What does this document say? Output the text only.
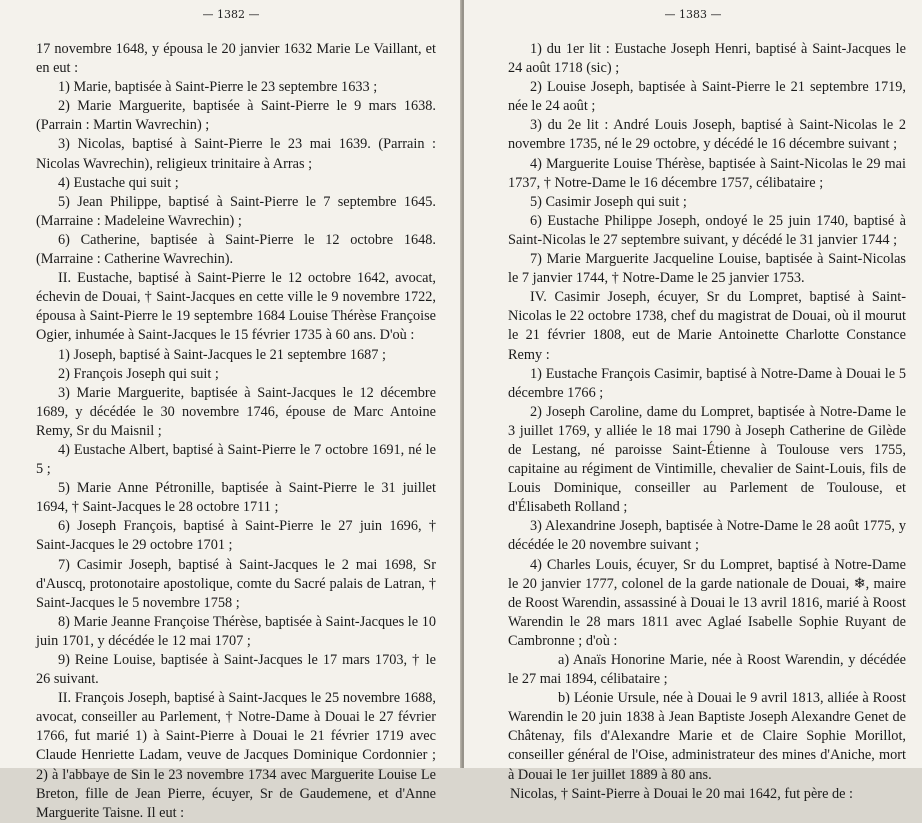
— 1382 —

17 novembre 1648, y épousa le 20 janvier 1632 Marie Le Vaillant, et en eut :

1) Marie, baptisée à Saint-Pierre le 23 septembre 1633 ;

2) Marie Marguerite, baptisée à Saint-Pierre le 9 mars 1638. (Parrain : Martin Wavrechin) ;

3) Nicolas, baptisé à Saint-Pierre le 23 mai 1639. (Parrain : Nicolas Wavrechin), religieux trinitaire à Arras ;

4) Eustache qui suit ;

5) Jean Philippe, baptisé à Saint-Pierre le 7 septembre 1645. (Marraine : Madeleine Wavrechin) ;

6) Catherine, baptisée à Saint-Pierre le 12 octobre 1648. (Marraine : Catherine Wavrechin).

II. Eustache, baptisé à Saint-Pierre le 12 octobre 1642, avocat, échevin de Douai, † Saint-Jacques en cette ville le 9 novembre 1722, épousa à Saint-Pierre le 19 septembre 1684 Louise Thérèse Françoise Ogier, inhumée à Saint-Jacques le 15 février 1735 à 60 ans. D'où :

1) Joseph, baptisé à Saint-Jacques le 21 septembre 1687 ;

2) François Joseph qui suit ;

3) Marie Marguerite, baptisée à Saint-Jacques le 12 décembre 1689, y décédée le 30 novembre 1746, épouse de Marc Antoine Remy, Sr du Maisnil ;

4) Eustache Albert, baptisé à Saint-Pierre le 7 octobre 1691, né le 5 ;

5) Marie Anne Pétronille, baptisée à Saint-Pierre le 31 juillet 1694, † Saint-Jacques le 28 octobre 1711 ;

6) Joseph François, baptisé à Saint-Pierre le 27 juin 1696, † Saint-Jacques le 29 octobre 1701 ;

7) Casimir Joseph, baptisé à Saint-Jacques le 2 mai 1698, Sr d'Auscq, protonotaire apostolique, comte du Sacré palais de Latran, † Saint-Jacques le 5 novembre 1758 ;

8) Marie Jeanne Françoise Thérèse, baptisée à Saint-Jacques le 10 juin 1701, y décédée le 12 mai 1707 ;

9) Reine Louise, baptisée à Saint-Jacques le 17 mars 1703, † le 26 suivant.

II. François Joseph, baptisé à Saint-Jacques le 25 novembre 1688, avocat, conseiller au Parlement, † Notre-Dame à Douai le 27 février 1766, fut marié 1) à Saint-Pierre à Douai le 21 février 1719 avec Claude Henriette Ladam, veuve de Jacques Dominique Cordonnier ; 2) à l'abbaye de Sin le 23 novembre 1734 avec Marguerite Louise Le Breton, fille de Jean Pierre, écuyer, Sr de Gaudemene, et d'Anne Marguerite Taisne. Il eut :

— 1383 —

1) du 1er lit : Eustache Joseph Henri, baptisé à Saint-Jacques le 24 août 1718 (sic) ;

2) Louise Joseph, baptisée à Saint-Pierre le 21 septembre 1719, née le 24 août ;

3) du 2e lit : André Louis Joseph, baptisé à Saint-Nicolas le 2 novembre 1735, né le 29 octobre, y décédé le 16 décembre suivant ;

4) Marguerite Louise Thérèse, baptisée à Saint-Nicolas le 29 mai 1737, † Notre-Dame le 16 décembre 1757, célibataire ;

5) Casimir Joseph qui suit ;

6) Eustache Philippe Joseph, ondoyé le 25 juin 1740, baptisé à Saint-Nicolas le 27 septembre suivant, y décédé le 31 janvier 1744 ;

7) Marie Marguerite Jacqueline Louise, baptisée à Saint-Nicolas le 7 janvier 1744, † Notre-Dame le 25 janvier 1753.

IV. Casimir Joseph, écuyer, Sr du Lompret, baptisé à Saint-Nicolas le 22 octobre 1738, chef du magistrat de Douai, où il mourut le 21 février 1808, eut de Marie Antoinette Charlotte Constance Remy :

1) Eustache François Casimir, baptisé à Notre-Dame à Douai le 5 décembre 1766 ;

2) Joseph Caroline, dame du Lompret, baptisée à Notre-Dame le 3 juillet 1769, y alliée le 18 mai 1790 à Joseph Catherine de Gilède de Lestang, né paroisse Saint-Étienne à Toulouse vers 1755, capitaine au régiment de Vintimille, chevalier de Saint-Louis, fils de Louis Dominique, conseiller au Parlement de Toulouse, et d'Élisabeth Rolland ;

3) Alexandrine Joseph, baptisée à Notre-Dame le 28 août 1775, y décédée le 20 novembre suivant ;

4) Charles Louis, écuyer, Sr du Lompret, baptisé à Notre-Dame le 20 janvier 1777, colonel de la garde nationale de Douai, ❄, maire de Roost Warendin, assassiné à Douai le 13 avril 1816, marié à Roost Warendin le 28 mars 1811 avec Aglaé Isabelle Sophie Ruyant de Cambronne ; d'où :

a) Anaïs Honorine Marie, née à Roost Warendin, y décédée le 27 mai 1894, célibataire ;

b) Léonie Ursule, née à Douai le 9 avril 1813, alliée à Roost Warendin le 20 juin 1838 à Jean Baptiste Joseph Alexandre Genet de Châtenay, fils d'Alexandre Marie et de Claire Sophie Morillot, conseiller général de l'Oise, administrateur des mines d'Aniche, mort à Douai le 1er juillet 1889 à 80 ans.

Nicolas, † Saint-Pierre à Douai le 20 mai 1642, fut père de :
